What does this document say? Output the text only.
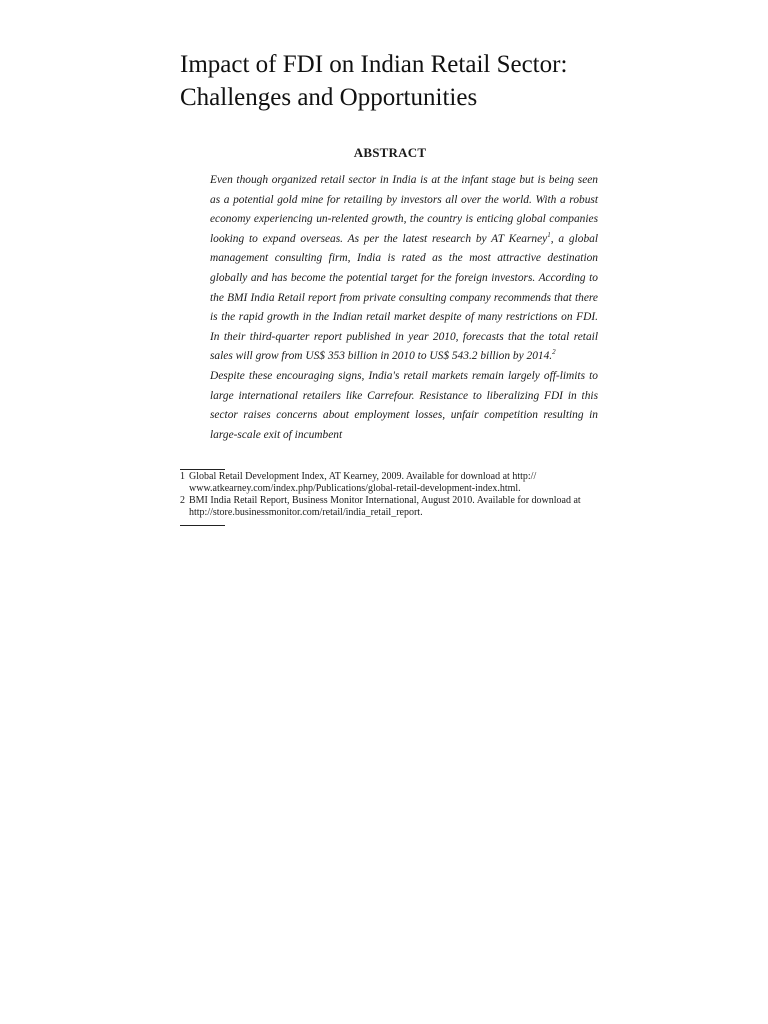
Impact of FDI on Indian Retail Sector:
Challenges and Opportunities
ABSTRACT

Even though organized retail sector in India is at the infant stage but is being seen as a potential gold mine for retailing by investors all over the world. With a robust economy experiencing un-relented growth, the country is enticing global companies looking to expand overseas. As per the latest research by AT Kearney$^1$, a global management consulting firm, India is rated as the most attractive destination globally and has become the potential target for the foreign investors. According to the BMI India Retail report from private consulting company recommends that there is the rapid growth in the Indian retail market despite of many restrictions on FDI. In their third-quarter report published in year 2010, forecasts that the total retail sales will grow from US$ 353 billion in 2010 to US$ 543.2 billion by 2014.$^2$

Despite these encouraging signs, India's retail markets remain largely off-limits to large international retailers like Carrefour. Resistance to liberalizing FDI in this sector raises concerns about employment losses, unfair competition resulting in large-scale exit of incumbent

1 Global Retail Development Index, AT Kearney, 2009. Available for download at http:// www.atkearney.com/index.php/Publications/global-retail-development-index.html.
2 BMI India Retail Report, Business Monitor International, August 2010. Available for download at http://store.businessmonitor.com/retail/india_retail_report.
